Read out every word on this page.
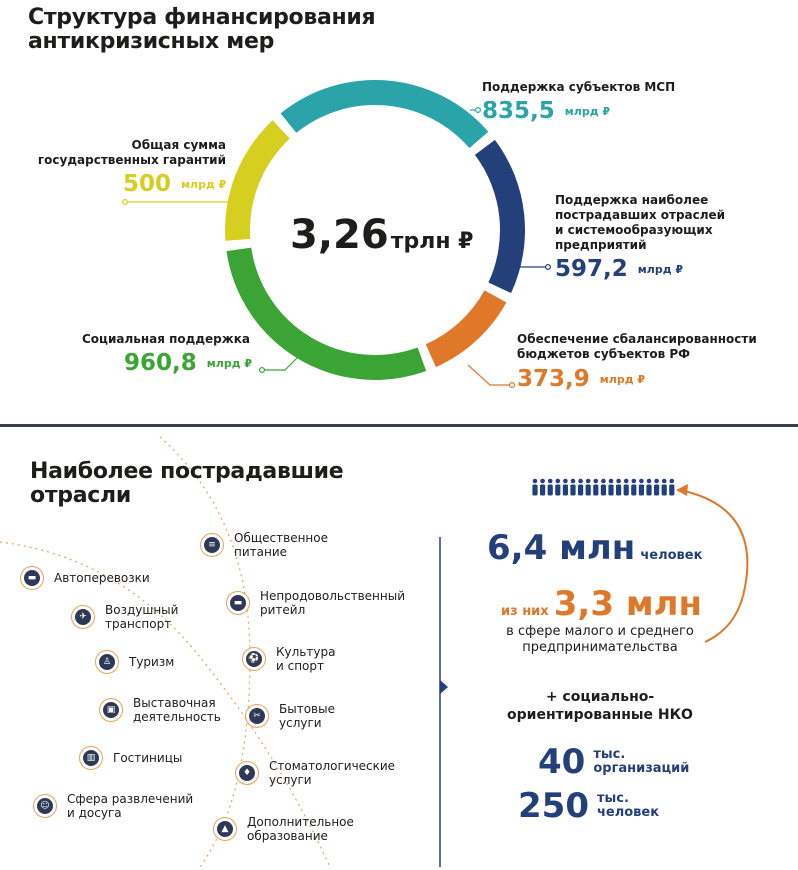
Структура финансирования
антикризисных мер
3,26трлн ₽
Поддержка субъектов МСП
835,5 млрд ₽
Поддержка наиболее
пострадавших отраслей
и системообразующих
предприятий
597,2 млрд ₽
Обеспечение сбалансированности
бюджетов субъектов РФ
373,9 млрд ₽
Социальная поддержка
960,8 млрд ₽
Общая сумма
государственных гарантий
500 млрд ₽
Наиболее пострадавшие
отрасли
▬	Автоперевозки
✈	Воздушный
транспорт
♙	Туризм
▣	Выставочная
деятельность
▥	Гостиницы
☺ Сфера развлечений
и досуга
≡	Общественное
питание
▬	Непродовольственный
ритейл
⚽ Культура
и спорт
✂	Бытовые
услуги
♦	Стоматологические
услуги
▲	Дополнительное
образование
6,4 млн человек
из них 3,3 млн
в сфере малого и среднего
предпринимательства
+ социально-
ориентированные НКО
40 тыс.
организаций
250 тыс.
человек
